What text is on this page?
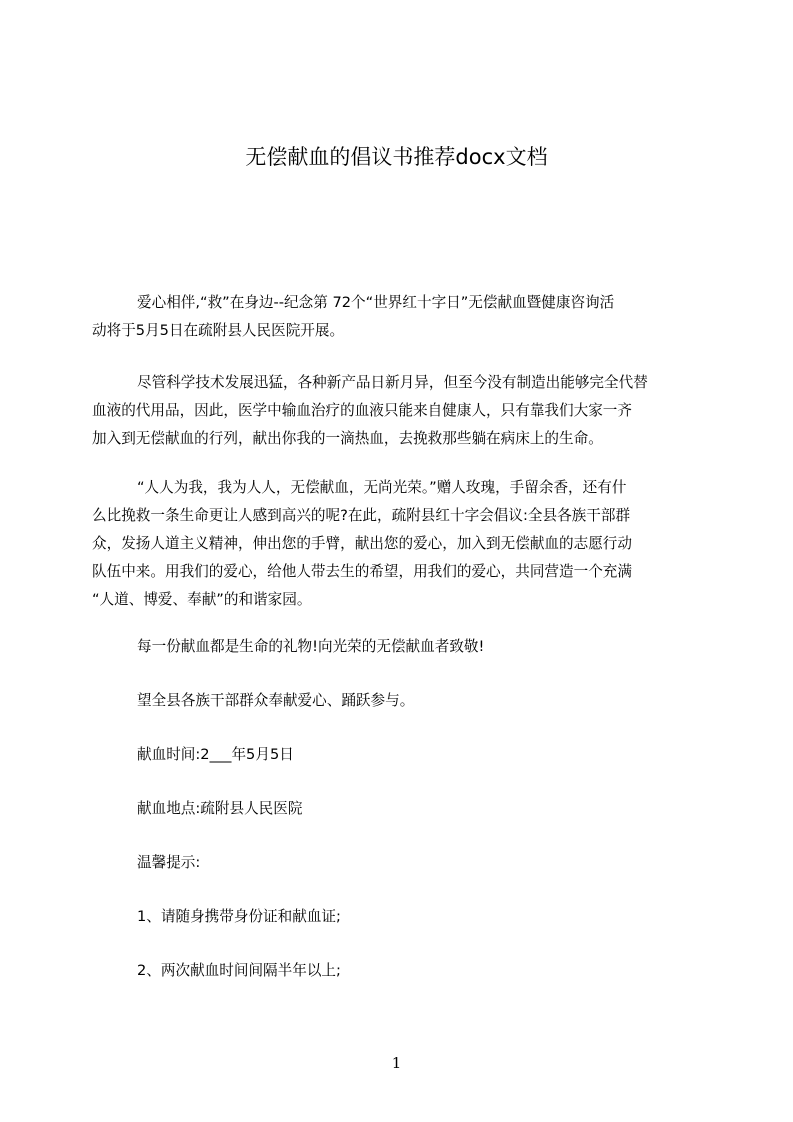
无偿献血的倡议书推荐docx文档
爱心相伴,“救”在身边--纪念第 72个“世界红十字日”无偿献血暨健康咨询活
动将于5月5日在疏附县人民医院开展。
尽管科学技术发展迅猛，各种新产品日新月异，但至今没有制造出能够完全代替
血液的代用品，因此，医学中输血治疗的血液只能来自健康人，只有靠我们大家一齐
加入到无偿献血的行列，献出你我的一滴热血，去挽救那些躺在病床上的生命。
“人人为我，我为人人，无偿献血，无尚光荣。”赠人玫瑰，手留余香，还有什
么比挽救一条生命更让人感到高兴的呢?在此，疏附县红十字会倡议:全县各族干部群
众，发扬人道主义精神，伸出您的手臂，献出您的爱心，加入到无偿献血的志愿行动
队伍中来。用我们的爱心，给他人带去生的希望，用我们的爱心，共同营造一个充满
“人道、博爱、奉献”的和谐家园。
每一份献血都是生命的礼物!向光荣的无偿献血者致敬!
望全县各族干部群众奉献爱心、踊跃参与。
献血时间:2___年5月5日
献血地点:疏附县人民医院
温馨提示:
1、请随身携带身份证和献血证;
2、两次献血时间间隔半年以上;
1
